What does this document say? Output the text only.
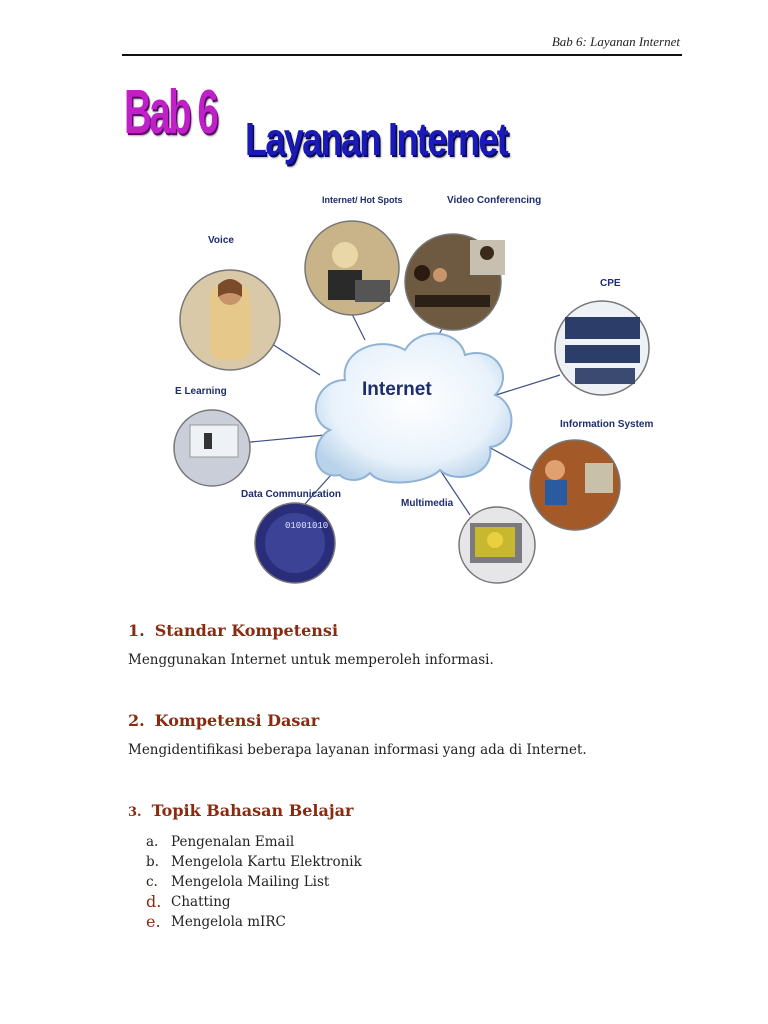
Bab 6: Layanan Internet
Bab 6 Layanan Internet
01001010
Voice
Internet/ Hot Spots	Video Conferencing
CPE
E Learning
Information System
Data Communication
Multimedia
Internet
1. Standar Kompetensi
Menggunakan Internet untuk memperoleh informasi.
2. Kompetensi Dasar
Mengidentifikasi beberapa layanan informasi yang ada di Internet.
3. Topik Bahasan Belajar
a. Pengenalan Email
b. Mengelola Kartu Elektronik
c. Mengelola Mailing List
d. Chatting
e. Mengelola mIRC
